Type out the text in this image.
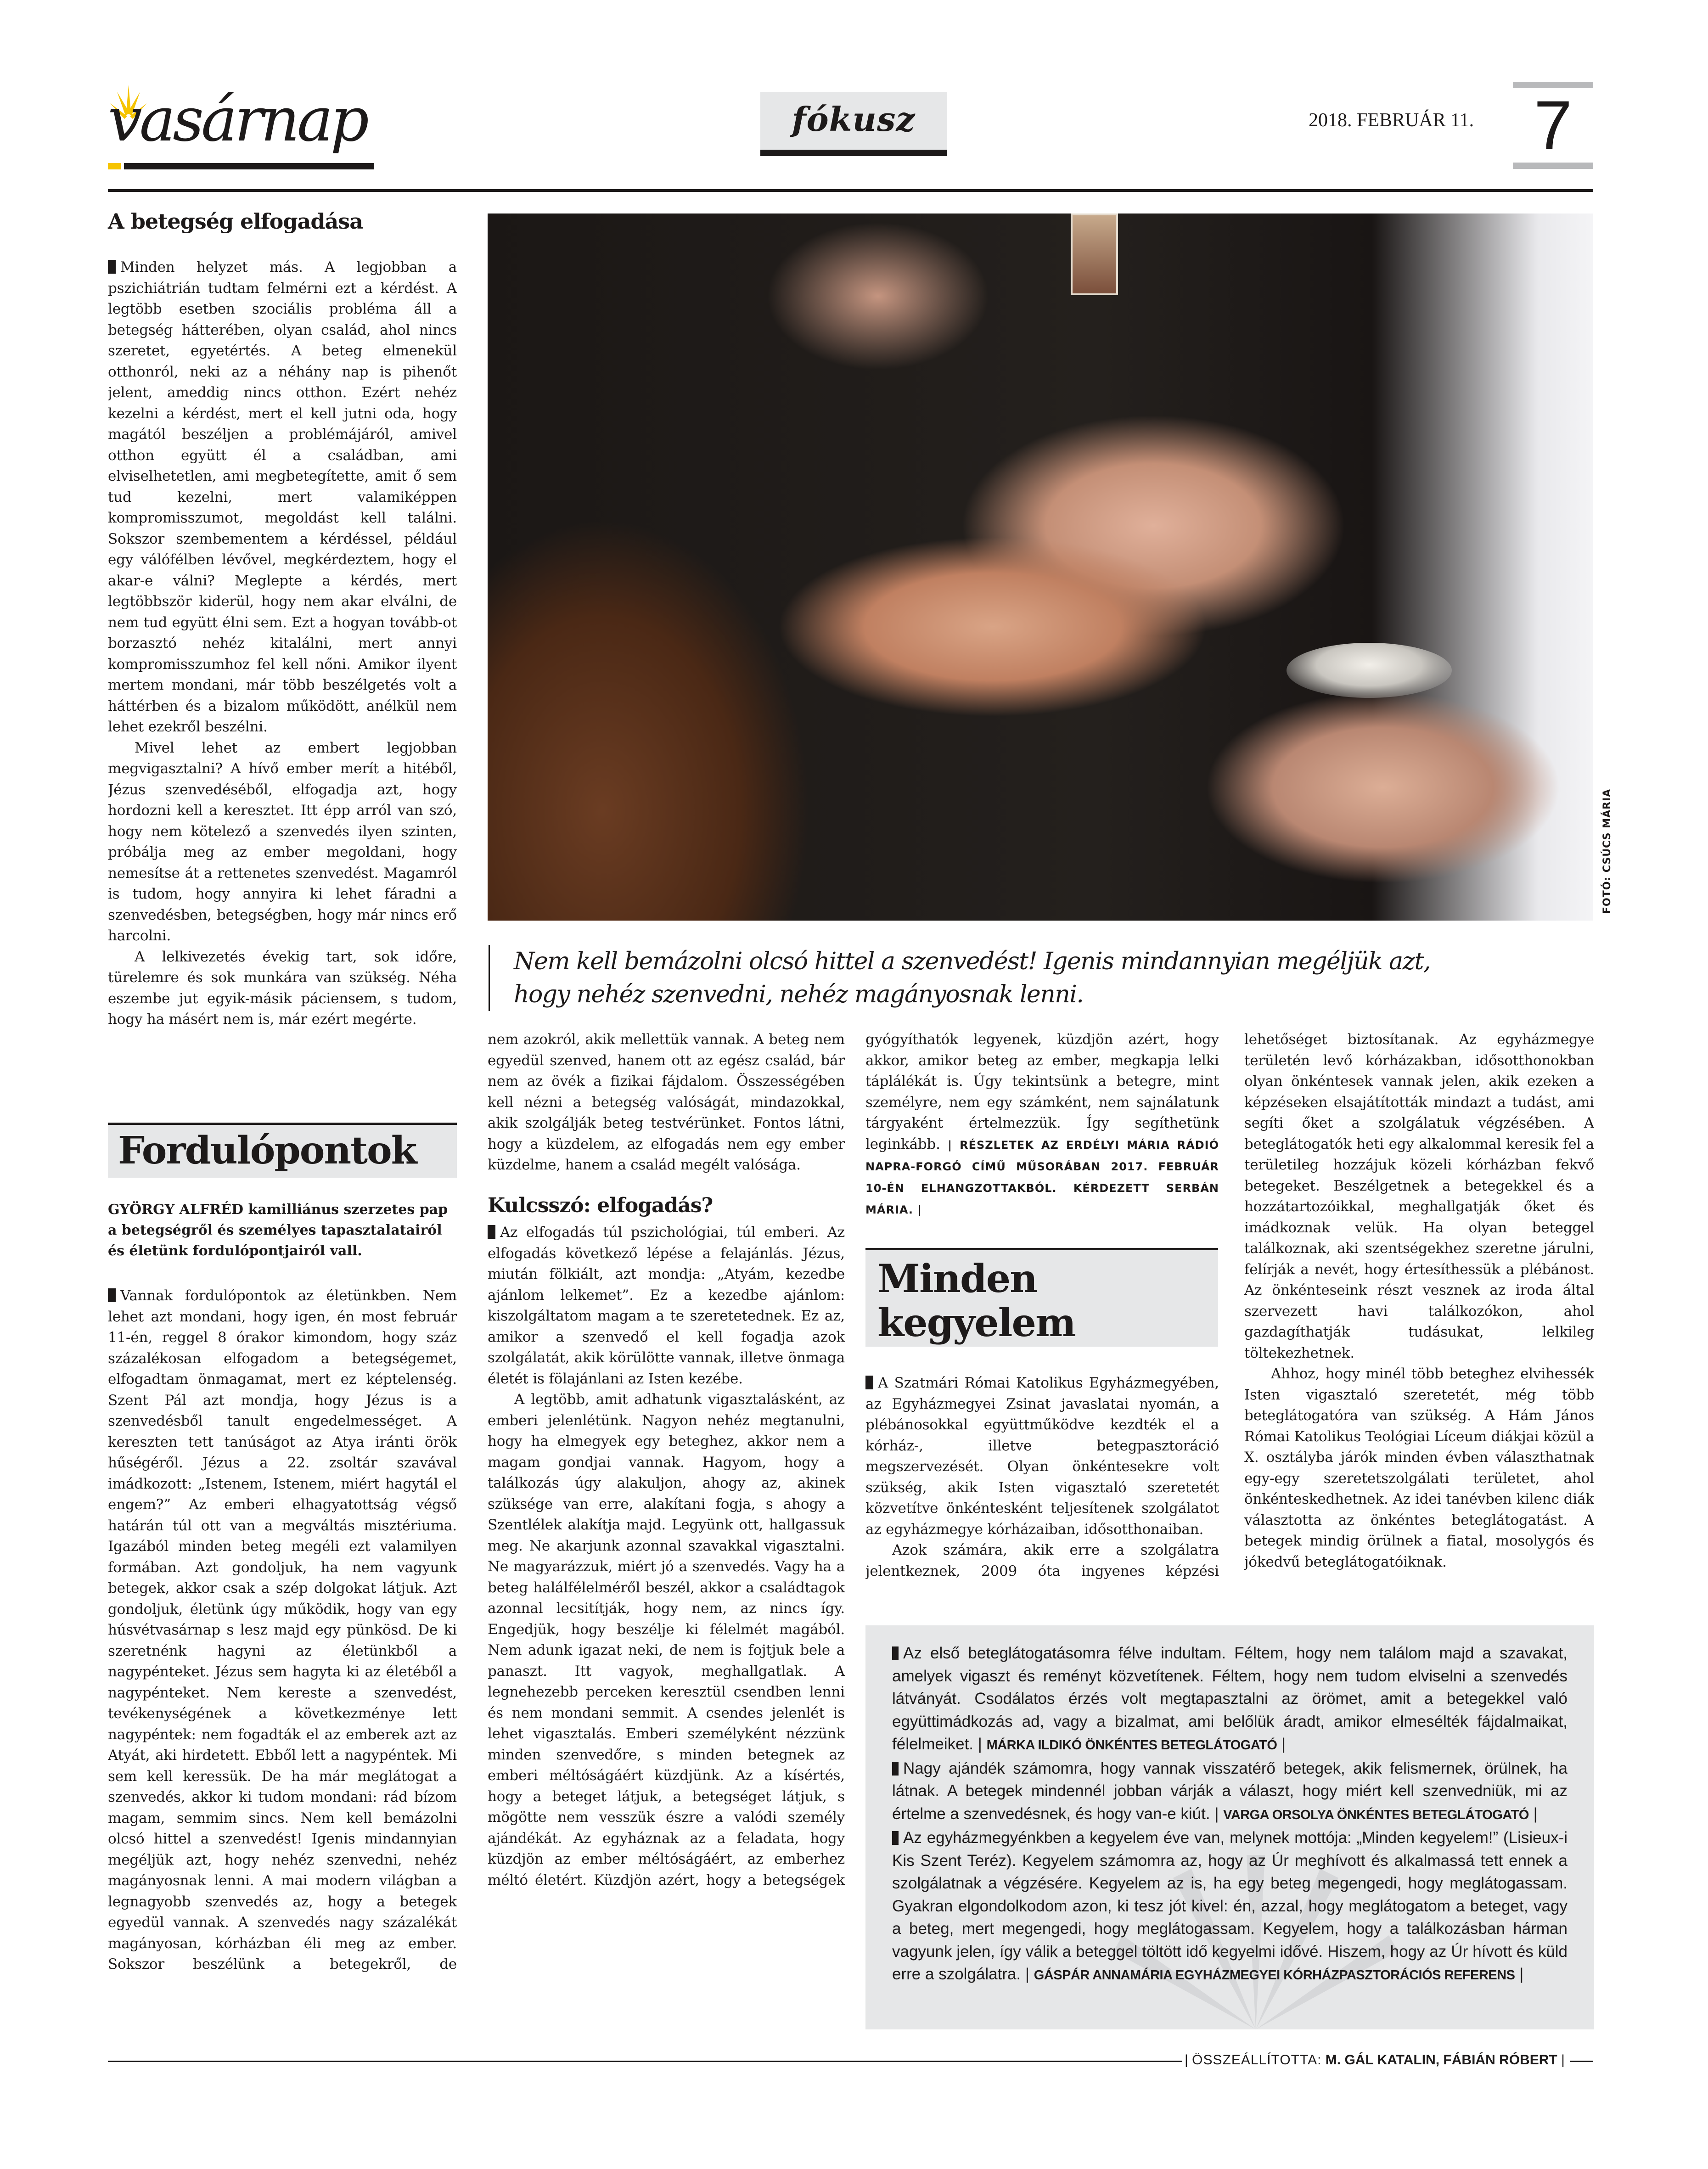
vasárnap	fókusz	2018. FEBRUÁR 11. 7
A betegség elfogadása

Minden helyzet más. A legjobban a pszichiátrián tudtam felmérni ezt a kérdést. A legtöbb esetben szociális probléma áll a betegség hátterében, olyan család, ahol nincs szeretet, egyetértés. A beteg elmenekül otthonról, neki az a néhány nap is pihenőt jelent, ameddig nincs otthon. Ezért nehéz kezelni a kérdést, mert el kell jutni oda, hogy magától beszéljen a problémájáról, amivel otthon együtt él a családban, ami elviselhetetlen, ami megbetegítette, amit ő sem tud kezelni, mert valamiképpen kompromisszumot, megoldást kell találni. Sokszor szembementem a kérdéssel, például egy válófélben lévővel, megkérdeztem, hogy el akar-e válni? Meglepte a kérdés, mert legtöbbször kiderül, hogy nem akar elválni, de nem tud együtt élni sem. Ezt a hogyan tovább-ot borzasztó nehéz kitalálni, mert annyi kompromisszumhoz fel kell nőni. Amikor ilyent mertem mondani, már több beszélgetés volt a háttérben és a bizalom működött, anélkül nem lehet ezekről beszélni.

Mivel lehet az embert legjobban megvigasztalni? A hívő ember merít a hitéből, Jézus szenvedéséből, elfogadja azt, hogy hordozni kell a keresztet. Itt épp arról van szó, hogy nem kötelező a szenvedés ilyen szinten, próbálja meg az ember megoldani, hogy nemesítse át a rettenetes szenvedést. Magamról is tudom, hogy annyira ki lehet fáradni a szenvedésben, betegségben, hogy már nincs erő harcolni.

A lelkivezetés évekig tart, sok időre, türelemre és sok munkára van szükség. Néha eszembe jut egyik-másik páciensem, s tudom, hogy ha másért nem is, már ezért megérte.

Fordulópontok
GYÖRGY ALFRÉD kamilliánus szerzetes pap a betegségről és személyes tapasztalatairól és életünk fordulópontjairól vall.

Vannak fordulópontok az életünkben. Nem lehet azt mondani, hogy igen, én most február 11-én, reggel 8 órakor kimondom, hogy száz százalékosan elfogadom a betegségemet, elfogadtam önmagamat, mert ez képtelenség. Szent Pál azt mondja, hogy Jézus is a szenvedésből tanult engedelmességet. A kereszten tett tanúságot az Atya iránti örök hűségéről. Jézus a 22. zsoltár szavával imádkozott: „Istenem, Istenem, miért hagytál el engem?” Az emberi elhagyatottság végső határán túl ott van a megváltás misztériuma. Igazából minden beteg megéli ezt valamilyen formában. Azt gondoljuk, ha nem vagyunk betegek, akkor csak a szép dolgokat látjuk. Azt gondoljuk, életünk úgy működik, hogy van egy húsvétvasárnap s lesz majd egy pünkösd. De ki szeretnénk hagyni az életünkből a nagypénteket. Jézus sem hagyta ki az életéből a nagypénteket. Nem kereste a szenvedést, tevékenységének a következménye lett nagypéntek: nem fogadták el az emberek azt az Atyát, aki hirdetett. Ebből lett a nagypéntek. Mi sem kell keressük. De ha már meglátogat a szenvedés, akkor ki tudom mondani: rád bízom magam, semmim sincs. Nem kell bemázolni olcsó hittel a szenvedést! Igenis mindannyian megéljük azt, hogy nehéz szenvedni, nehéz magányosnak lenni. A mai modern világban a legnagyobb szenvedés az, hogy a betegek egyedül vannak. A szenvedés nagy százalékát magányosan, kórházban éli meg az ember. Sokszor beszélünk a betegekről, de

FOTÓ: CSÚCS MÁRIA
Nem kell bemázolni olcsó hittel a szenvedést! Igenis mindannyian megéljük azt, hogy nehéz szenvedni, nehéz magányosnak lenni.

nem azokról, akik mellettük vannak. A beteg nem egyedül szenved, hanem ott az egész család, bár nem az övék a fizikai fájdalom. Összességében kell nézni a betegség valóságát, mindazokkal, akik szolgálják beteg testvérünket. Fontos látni, hogy a küzdelem, az elfogadás nem egy ember küzdelme, hanem a család megélt valósága.

Kulcsszó: elfogadás?

Az elfogadás túl pszichológiai, túl emberi. Az elfogadás következő lépése a felajánlás. Jézus, miután fölkiált, azt mondja: „Atyám, kezedbe ajánlom lelkemet”. Ez a kezedbe ajánlom: kiszolgáltatom magam a te szeretetednek. Ez az, amikor a szenvedő el kell fogadja azok szolgálatát, akik körülötte vannak, illetve önmaga életét is fölajánlani az Isten kezébe.

A legtöbb, amit adhatunk vigasztalásként, az emberi jelenlétünk. Nagyon nehéz megtanulni, hogy ha elmegyek egy beteghez, akkor nem a magam gondjai vannak. Hagyom, hogy a találkozás úgy alakuljon, ahogy az, akinek szüksége van erre, alakítani fogja, s ahogy a Szentlélek alakítja majd. Legyünk ott, hallgassuk meg. Ne akarjunk azonnal szavakkal vigasztalni. Ne magyarázzuk, miért jó a szenvedés. Vagy ha a beteg halálfélelméről beszél, akkor a családtagok azonnal lecsitítják, hogy nem, az nincs így. Engedjük, hogy beszélje ki félelmét magából. Nem adunk igazat neki, de nem is fojtjuk bele a panaszt. Itt vagyok, meghallgatlak. A legnehezebb perceken keresztül csendben lenni és nem mondani semmit. A csendes jelenlét is lehet vigasztalás. Emberi személyként nézzünk minden szenvedőre, s minden betegnek az emberi méltóságáért küzdjünk. Az a kísértés, hogy a beteget látjuk, a betegséget látjuk, s mögötte nem vesszük észre a valódi személy ajándékát. Az egyháznak az a feladata, hogy küzdjön az ember méltóságáért, az emberhez méltó életért. Küzdjön azért, hogy a betegségek

gyógyíthatók legyenek, küzdjön azért, hogy akkor, amikor beteg az ember, megkapja lelki táplálékát is. Úgy tekintsünk a betegre, mint személyre, nem egy számként, nem sajnálatunk tárgyaként értelmezzük. Így segíthetünk leginkább. | RÉSZLETEK AZ ERDÉLYI MÁRIA RÁDIÓ NAPRA-FORGÓ CÍMŰ MŰSORÁBAN 2017. FEBRUÁR 10-ÉN ELHANGZOTTAKBÓL. KÉRDEZETT SERBÁN MÁRIA. |

Minden
kegyelem

A Szatmári Római Katolikus Egyházmegyében, az Egyházmegyei Zsinat javaslatai nyomán, a plébánosokkal együttműködve kezdték el a kórház-, illetve betegpasztoráció megszervezését. Olyan önkéntesekre volt szükség, akik Isten vigasztaló szeretetét közvetítve önkéntesként teljesítenek szolgálatot az egyházmegye kórházaiban, idősotthonaiban.

Azok számára, akik erre a szolgálatra jelentkeznek, 2009 óta ingyenes képzési

lehetőséget biztosítanak. Az egyházmegye területén levő kórházakban, idősotthonokban olyan önkéntesek vannak jelen, akik ezeken a képzéseken elsajátították mindazt a tudást, ami segíti őket a szolgálatuk végzésében. A beteglátogatók heti egy alkalommal keresik fel a területileg hozzájuk közeli kórházban fekvő betegeket. Beszélgetnek a betegekkel és a hozzátartozóikkal, meghallgatják őket és imádkoznak velük. Ha olyan beteggel találkoznak, aki szentségekhez szeretne járulni, felírják a nevét, hogy értesíthessük a plébánost. Az önkénteseink részt vesznek az iroda által szervezett havi találkozókon, ahol gazdagíthatják tudásukat, lelkileg töltekezhetnek.

Ahhoz, hogy minél több beteghez elvihessék Isten vigasztaló szeretetét, még több beteglátogatóra van szükség. A Hám János Római Katolikus Teológiai Líceum diákjai közül a X. osztályba járók minden évben választhatnak egy-egy szeretetszolgálati területet, ahol önkénteskedhetnek. Az idei tanévben kilenc diák választotta az önkéntes beteglátogatást. A betegek mindig örülnek a fiatal, mosolygós és jókedvű beteglátogatóiknak.

Az első beteglátogatásomra félve indultam. Féltem, hogy nem találom majd a szavakat, amelyek vigaszt és reményt közvetítenek. Féltem, hogy nem tudom elviselni a szenvedés látványát. Csodálatos érzés volt megtapasztalni az örömet, amit a betegekkel való együttimádkozás ad, vagy a bizalmat, ami belőlük áradt, amikor elmesélték fájdalmaikat, félelmeiket. | MÁRKA ILDIKÓ ÖNKÉNTES BETEGLÁTOGATÓ |

Nagy ajándék számomra, hogy vannak visszatérő betegek, akik felismernek, örülnek, ha látnak. A betegek mindennél jobban várják a választ, hogy miért kell szenvedniük, mi az értelme a szenvedésnek, és hogy van-e kiút. | VARGA ORSOLYA ÖNKÉNTES BETEGLÁTOGATÓ |

Az egyházmegyénkben a kegyelem éve van, melynek mottója: „Minden kegyelem!” (Lisieux-i Kis Szent Teréz). Kegyelem számomra az, hogy az Úr meghívott és alkalmassá tett ennek a szolgálatnak a végzésére. Kegyelem az is, ha egy beteg megengedi, hogy meglátogassam. Gyakran elgondolkodom azon, ki tesz jót kivel: én, azzal, hogy meglátogatom a beteget, vagy a beteg, mert megengedi, hogy meglátogassam. Kegyelem, hogy a találkozásban hárman vagyunk jelen, így válik a beteggel töltött idő kegyelmi idővé. Hiszem, hogy az Úr hívott és küld erre a szolgálatra. | GÁSPÁR ANNAMÁRIA EGYHÁZMEGYEI KÓRHÁZPASZTORÁCIÓS REFERENS |

| ÖSSZEÁLLÍTOTTA: M. GÁL KATALIN, FÁBIÁN RÓBERT |
